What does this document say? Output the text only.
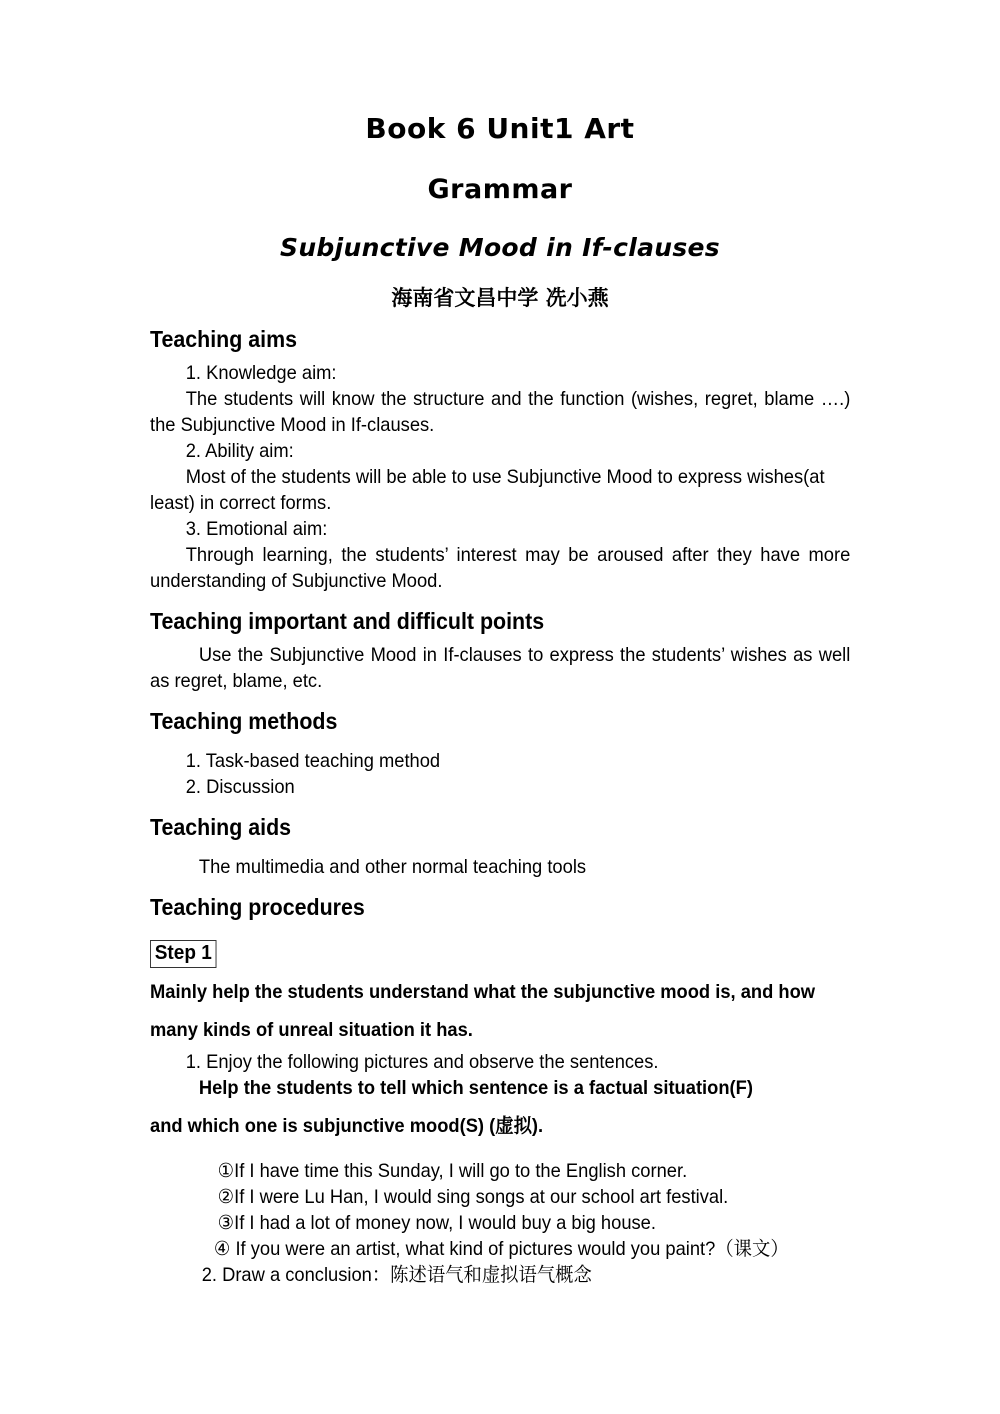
Book 6 Unit1 Art
Grammar
Subjunctive Mood in If-clauses
海南省文昌中学 冼小燕
Teaching aims
1. Knowledge aim:
The students will know the structure and the function (wishes, regret, blame ….) the Subjunctive Mood in If-clauses.
2. Ability aim:
Most of the students will be able to use Subjunctive Mood to express wishes(at least) in correct forms.
3. Emotional aim:
Through learning, the students’ interest may be aroused after they have more understanding of Subjunctive Mood.
Teaching important and difficult points
Use the Subjunctive Mood in If-clauses to express the students’ wishes as well as regret, blame, etc.
Teaching methods
1. Task-based teaching method
2. Discussion
Teaching aids
The multimedia and other normal teaching tools
Teaching procedures
Step 1
Mainly help the students understand what the subjunctive mood is, and how many kinds of unreal situation it has.
1. Enjoy the following pictures and observe the sentences.
Help the students to tell which sentence is a factual situation(F)
and which one is subjunctive mood(S) (虚拟).
①If I have time this Sunday, I will go to the English corner.
②If I were Lu Han, I would sing songs at our school art festival.
③If I had a lot of money now, I would buy a big house.
④ If you were an artist, what kind of pictures would you paint?（课文）
2. Draw a conclusion：陈述语气和虚拟语气概念
